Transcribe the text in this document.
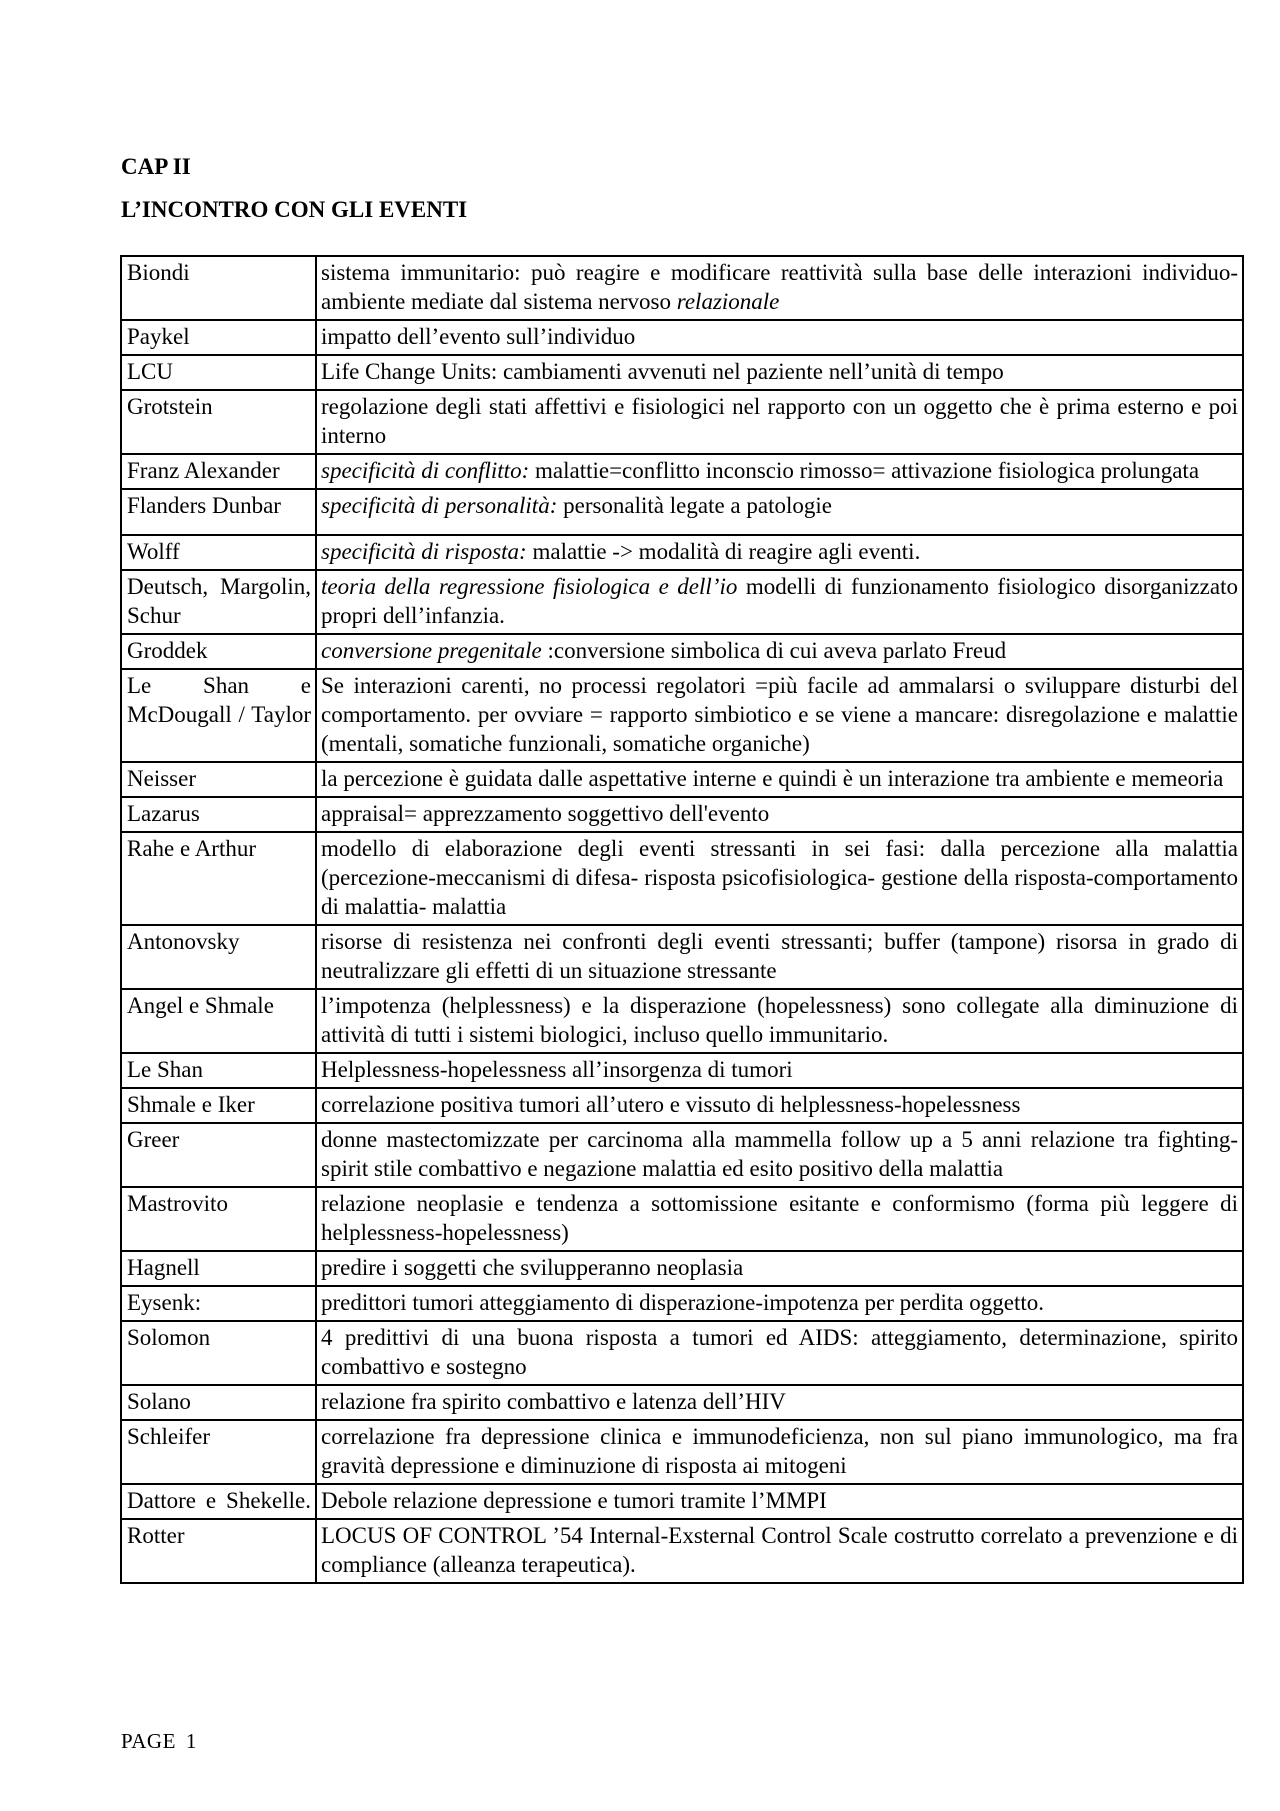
CAP II

L’INCONTRO CON GLI EVENTI

Biondi	sistema immunitario: può reagire e modificare reattività sulla base delle interazioni individuo-ambiente mediate dal sistema nervoso relazionale
Paykel	impatto dell’evento sull’individuo
LCU	Life Change Units: cambiamenti avvenuti nel paziente nell’unità di tempo
Grotstein	regolazione degli stati affettivi e fisiologici nel rapporto con un oggetto che è prima esterno e poi interno
Franz Alexander	specificità di conflitto: malattie=conflitto inconscio rimosso= attivazione fisiologica prolungata
Flanders Dunbar	specificità di personalità: personalità legate a patologie
Wolff	specificità di risposta: malattie -> modalità di reagire agli eventi.
Deutsch, Margolin, Schur	teoria della regressione fisiologica e dell’io modelli di funzionamento fisiologico disorganizzato propri dell’infanzia.
Groddek	conversione pregenitale :conversione simbolica di cui aveva parlato Freud
Le Shan e McDougall / Taylor	Se interazioni carenti, no processi regolatori =più facile ad ammalarsi o sviluppare disturbi del comportamento. per ovviare = rapporto simbiotico e se viene a mancare: disregolazione e malattie (mentali, somatiche funzionali, somatiche organiche)
Neisser	la percezione è guidata dalle aspettative interne e quindi è un interazione tra ambiente e memeoria
Lazarus	appraisal= apprezzamento soggettivo dell'evento
Rahe e Arthur	modello di elaborazione degli eventi stressanti in sei fasi: dalla percezione alla malattia (percezione-meccanismi di difesa- risposta psicofisiologica- gestione della risposta-comportamento di malattia- malattia
Antonovsky	risorse di resistenza nei confronti degli eventi stressanti; buffer (tampone) risorsa in grado di neutralizzare gli effetti di un situazione stressante
Angel e Shmale	l’impotenza (helplessness) e la disperazione (hopelessness) sono collegate alla diminuzione di attività di tutti i sistemi biologici, incluso quello immunitario.
Le Shan	Helplessness-hopelessness all’insorgenza di tumori
Shmale e Iker	correlazione positiva tumori all’utero e vissuto di helplessness-hopelessness
Greer	donne mastectomizzate per carcinoma alla mammella follow up a 5 anni relazione tra fighting-spirit stile combattivo e negazione malattia ed esito positivo della malattia
Mastrovito	relazione neoplasie e tendenza a sottomissione esitante e conformismo (forma più leggere di helplessness-hopelessness)
Hagnell	predire i soggetti che svilupperanno neoplasia
Eysenk:	predittori tumori atteggiamento di disperazione-impotenza per perdita oggetto.
Solomon	4 predittivi di una buona risposta a tumori ed AIDS: atteggiamento, determinazione, spirito combattivo e sostegno
Solano	relazione fra spirito combattivo e latenza dell’HIV
Schleifer	correlazione fra depressione clinica e immunodeficienza, non sul piano immunologico, ma fra gravità depressione e diminuzione di risposta ai mitogeni
Dattore e Shekelle.	Debole relazione depressione e tumori tramite l’MMPI
Rotter	LOCUS OF CONTROL ’54 Internal-Exsternal Control Scale costrutto correlato a prevenzione e di compliance (alleanza terapeutica).

PAGE 1
